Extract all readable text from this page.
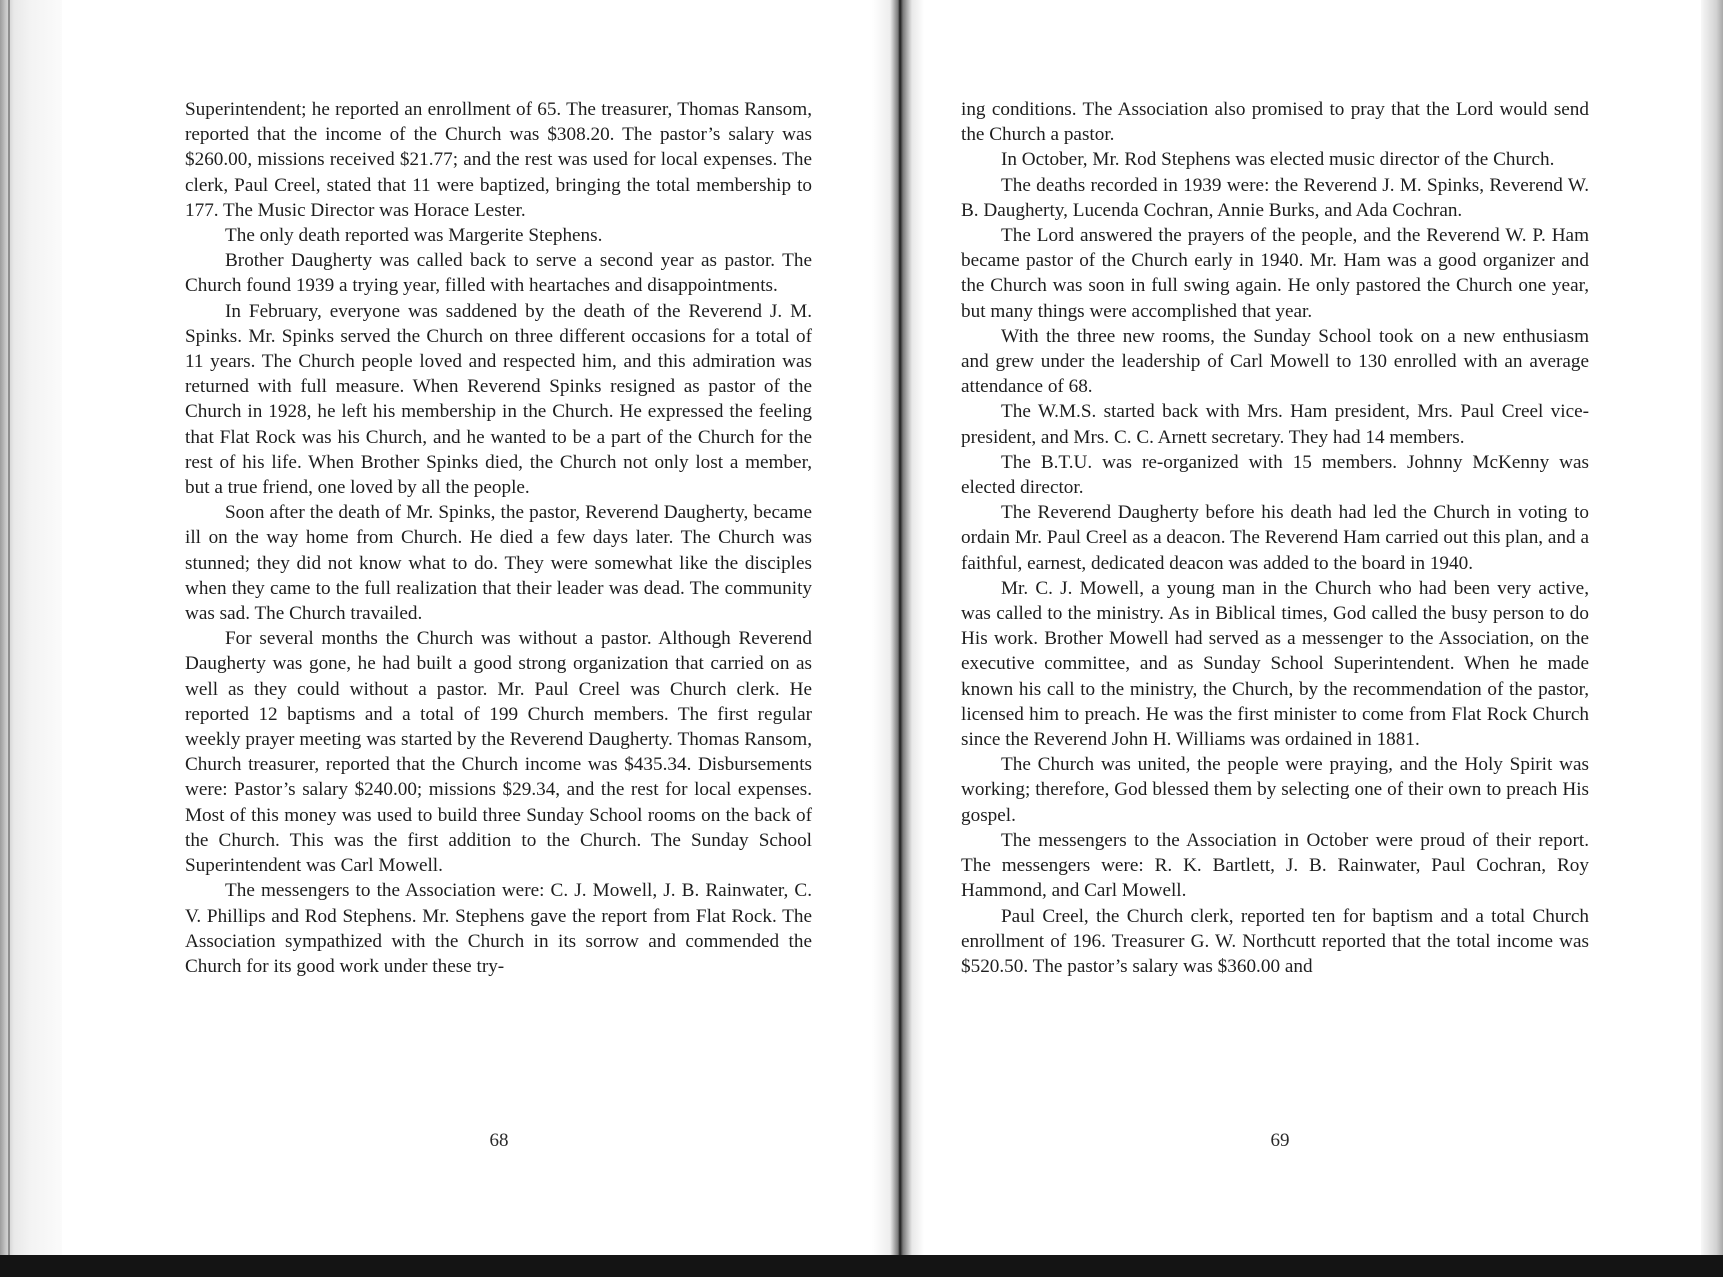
Superintendent; he reported an enrollment of 65. The treasurer, Thomas Ransom, reported that the income of the Church was $308.20. The pastor’s salary was $260.00, missions received $21.77; and the rest was used for local expenses. The clerk, Paul Creel, stated that 11 were baptized, bringing the total membership to 177. The Music Director was Horace Lester.

The only death reported was Margerite Stephens.

Brother Daugherty was called back to serve a second year as pastor. The Church found 1939 a trying year, filled with heartaches and disappointments.

In February, everyone was saddened by the death of the Reverend J. M. Spinks. Mr. Spinks served the Church on three different occasions for a total of 11 years. The Church people loved and respected him, and this admiration was returned with full measure. When Reverend Spinks resigned as pastor of the Church in 1928, he left his membership in the Church. He expressed the feeling that Flat Rock was his Church, and he wanted to be a part of the Church for the rest of his life. When Brother Spinks died, the Church not only lost a member, but a true friend, one loved by all the people.

Soon after the death of Mr. Spinks, the pastor, Reverend Daugherty, became ill on the way home from Church. He died a few days later. The Church was stunned; they did not know what to do. They were somewhat like the disciples when they came to the full realization that their leader was dead. The community was sad. The Church travailed.

For several months the Church was without a pastor. Although Reverend Daugherty was gone, he had built a good strong organization that carried on as well as they could without a pastor. Mr. Paul Creel was Church clerk. He reported 12 baptisms and a total of 199 Church members. The first regular weekly prayer meeting was started by the Reverend Daugherty. Thomas Ransom, Church treasurer, reported that the Church income was $435.34. Disbursements were: Pastor’s salary $240.00; missions $29.34, and the rest for local expenses. Most of this money was used to build three Sunday School rooms on the back of the Church. This was the first addition to the Church. The Sunday School Superintendent was Carl Mowell.

The messengers to the Association were: C. J. Mowell, J. B. Rainwater, C. V. Phillips and Rod Stephens. Mr. Stephens gave the report from Flat Rock. The Association sympathized with the Church in its sorrow and commended the Church for its good work under these try-

68

ing conditions. The Association also promised to pray that the Lord would send the Church a pastor.

In October, Mr. Rod Stephens was elected music director of the Church.

The deaths recorded in 1939 were: the Reverend J. M. Spinks, Reverend W. B. Daugherty, Lucenda Cochran, Annie Burks, and Ada Cochran.

The Lord answered the prayers of the people, and the Reverend W. P. Ham became pastor of the Church early in 1940. Mr. Ham was a good organizer and the Church was soon in full swing again. He only pastored the Church one year, but many things were accomplished that year.

With the three new rooms, the Sunday School took on a new enthusiasm and grew under the leadership of Carl Mowell to 130 enrolled with an average attendance of 68.

The W.M.S. started back with Mrs. Ham president, Mrs. Paul Creel vice-president, and Mrs. C. C. Arnett secretary. They had 14 members.

The B.T.U. was re-organized with 15 members. Johnny McKenny was elected director.

The Reverend Daugherty before his death had led the Church in voting to ordain Mr. Paul Creel as a deacon. The Reverend Ham carried out this plan, and a faithful, earnest, dedicated deacon was added to the board in 1940.

Mr. C. J. Mowell, a young man in the Church who had been very active, was called to the ministry. As in Biblical times, God called the busy person to do His work. Brother Mowell had served as a messenger to the Association, on the executive committee, and as Sunday School Superintendent. When he made known his call to the ministry, the Church, by the recommendation of the pastor, licensed him to preach. He was the first minister to come from Flat Rock Church since the Reverend John H. Williams was ordained in 1881.

The Church was united, the people were praying, and the Holy Spirit was working; therefore, God blessed them by selecting one of their own to preach His gospel.

The messengers to the Association in October were proud of their report. The messengers were: R. K. Bartlett, J. B. Rainwater, Paul Cochran, Roy Hammond, and Carl Mowell.

Paul Creel, the Church clerk, reported ten for baptism and a total Church enrollment of 196. Treasurer G. W. Northcutt reported that the total income was $520.50. The pastor’s salary was $360.00 and

69
